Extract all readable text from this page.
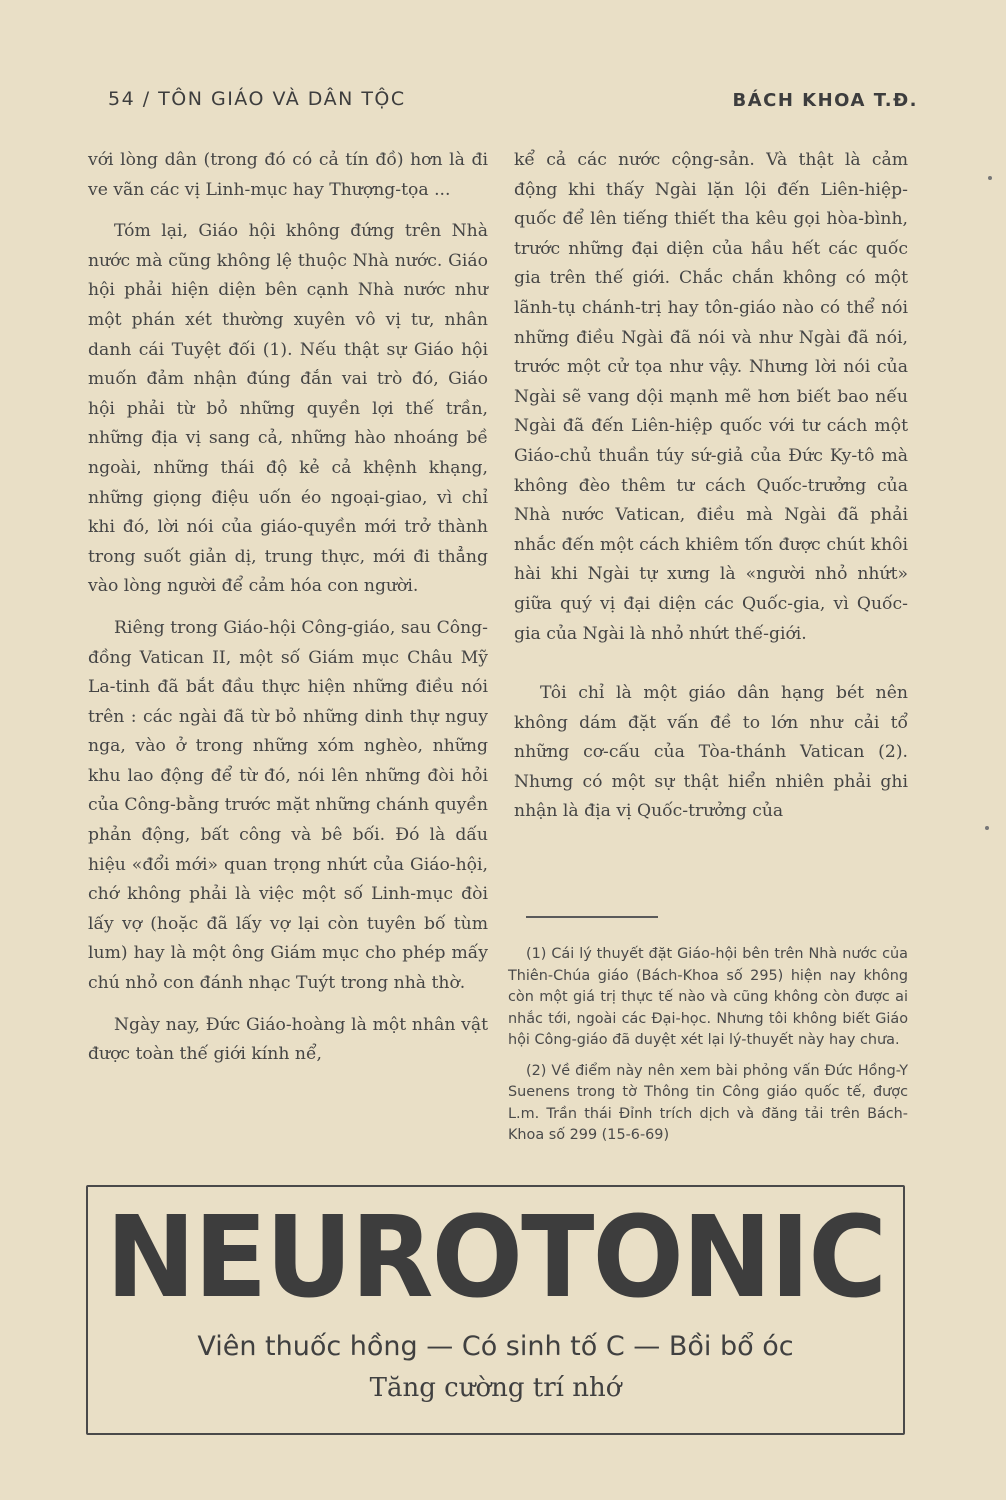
54 / TÔN GIÁO VÀ DÂN TỘC	BÁCH KHOA T.Đ.

với lòng dân (trong đó có cả tín đồ) hơn là đi ve vãn các vị Linh-mục hay Thượng-tọa ...

Tóm lại, Giáo hội không đứng trên Nhà nước mà cũng không lệ thuộc Nhà nước. Giáo hội phải hiện diện bên cạnh Nhà nước như một phán xét thường xuyên vô vị tư, nhân danh cái Tuyệt đối (1). Nếu thật sự Giáo hội muốn đảm nhận đúng đắn vai trò đó, Giáo hội phải từ bỏ những quyền lợi thế trần, những địa vị sang cả, những hào nhoáng bề ngoài, những thái độ kẻ cả khệnh khạng, những giọng điệu uốn éo ngoại-giao, vì chỉ khi đó, lời nói của giáo-quyền mới trở thành trong suốt giản dị, trung thực, mới đi thẳng vào lòng người để cảm hóa con người.

Riêng trong Giáo-hội Công-giáo, sau Công-đồng Vatican II, một số Giám mục Châu Mỹ La-tinh đã bắt đầu thực hiện những điều nói trên : các ngài đã từ bỏ những dinh thự nguy nga, vào ở trong những xóm nghèo, những khu lao động để từ đó, nói lên những đòi hỏi của Công-bằng trước mặt những chánh quyền phản động, bất công và bê bối. Đó là dấu hiệu «đổi mới» quan trọng nhứt của Giáo-hội, chớ không phải là việc một số Linh-mục đòi lấy vợ (hoặc đã lấy vợ lại còn tuyên bố tùm lum) hay là một ông Giám mục cho phép mấy chú nhỏ con đánh nhạc Tuýt trong nhà thờ.

Ngày nay, Đức Giáo-hoàng là một nhân vật được toàn thế giới kính nể,

kể cả các nước cộng-sản. Và thật là cảm động khi thấy Ngài lặn lội đến Liên-hiệp-quốc để lên tiếng thiết tha kêu gọi hòa-bình, trước những đại diện của hầu hết các quốc gia trên thế giới. Chắc chắn không có một lãnh-tụ chánh-trị hay tôn-giáo nào có thể nói những điều Ngài đã nói và như Ngài đã nói, trước một cử tọa như vậy. Nhưng lời nói của Ngài sẽ vang dội mạnh mẽ hơn biết bao nếu Ngài đã đến Liên-hiệp quốc với tư cách một Giáo-chủ thuần túy sứ-giả của Đức Ky-tô mà không đèo thêm tư cách Quốc-trưởng của Nhà nước Vatican, điều mà Ngài đã phải nhắc đến một cách khiêm tốn được chút khôi hài khi Ngài tự xưng là «người nhỏ nhứt» giữa quý vị đại diện các Quốc-gia, vì Quốc-gia của Ngài là nhỏ nhứt thế-giới.

Tôi chỉ là một giáo dân hạng bét nên không dám đặt vấn đề to lớn như cải tổ những cơ-cấu của Tòa-thánh Vatican (2). Nhưng có một sự thật hiển nhiên phải ghi nhận là địa vị Quốc-trưởng của

(1) Cái lý thuyết đặt Giáo-hội bên trên Nhà nước của Thiên-Chúa giáo (Bách-Khoa số 295) hiện nay không còn một giá trị thực tế nào và cũng không còn được ai nhắc tới, ngoài các Đại-học. Nhưng tôi không biết Giáo hội Công-giáo đã duyệt xét lại lý-thuyết này hay chưa.

(2) Về điểm này nên xem bài phỏng vấn Đức Hồng-Y Suenens trong tờ Thông tin Công giáo quốc tế, được L.m. Trần thái Đỉnh trích dịch và đăng tải trên Bách-Khoa số 299 (15-6-69)

NEUROTONIC
Viên thuốc hồng — Có sinh tố C — Bồi bổ óc
Tăng cường trí nhớ
